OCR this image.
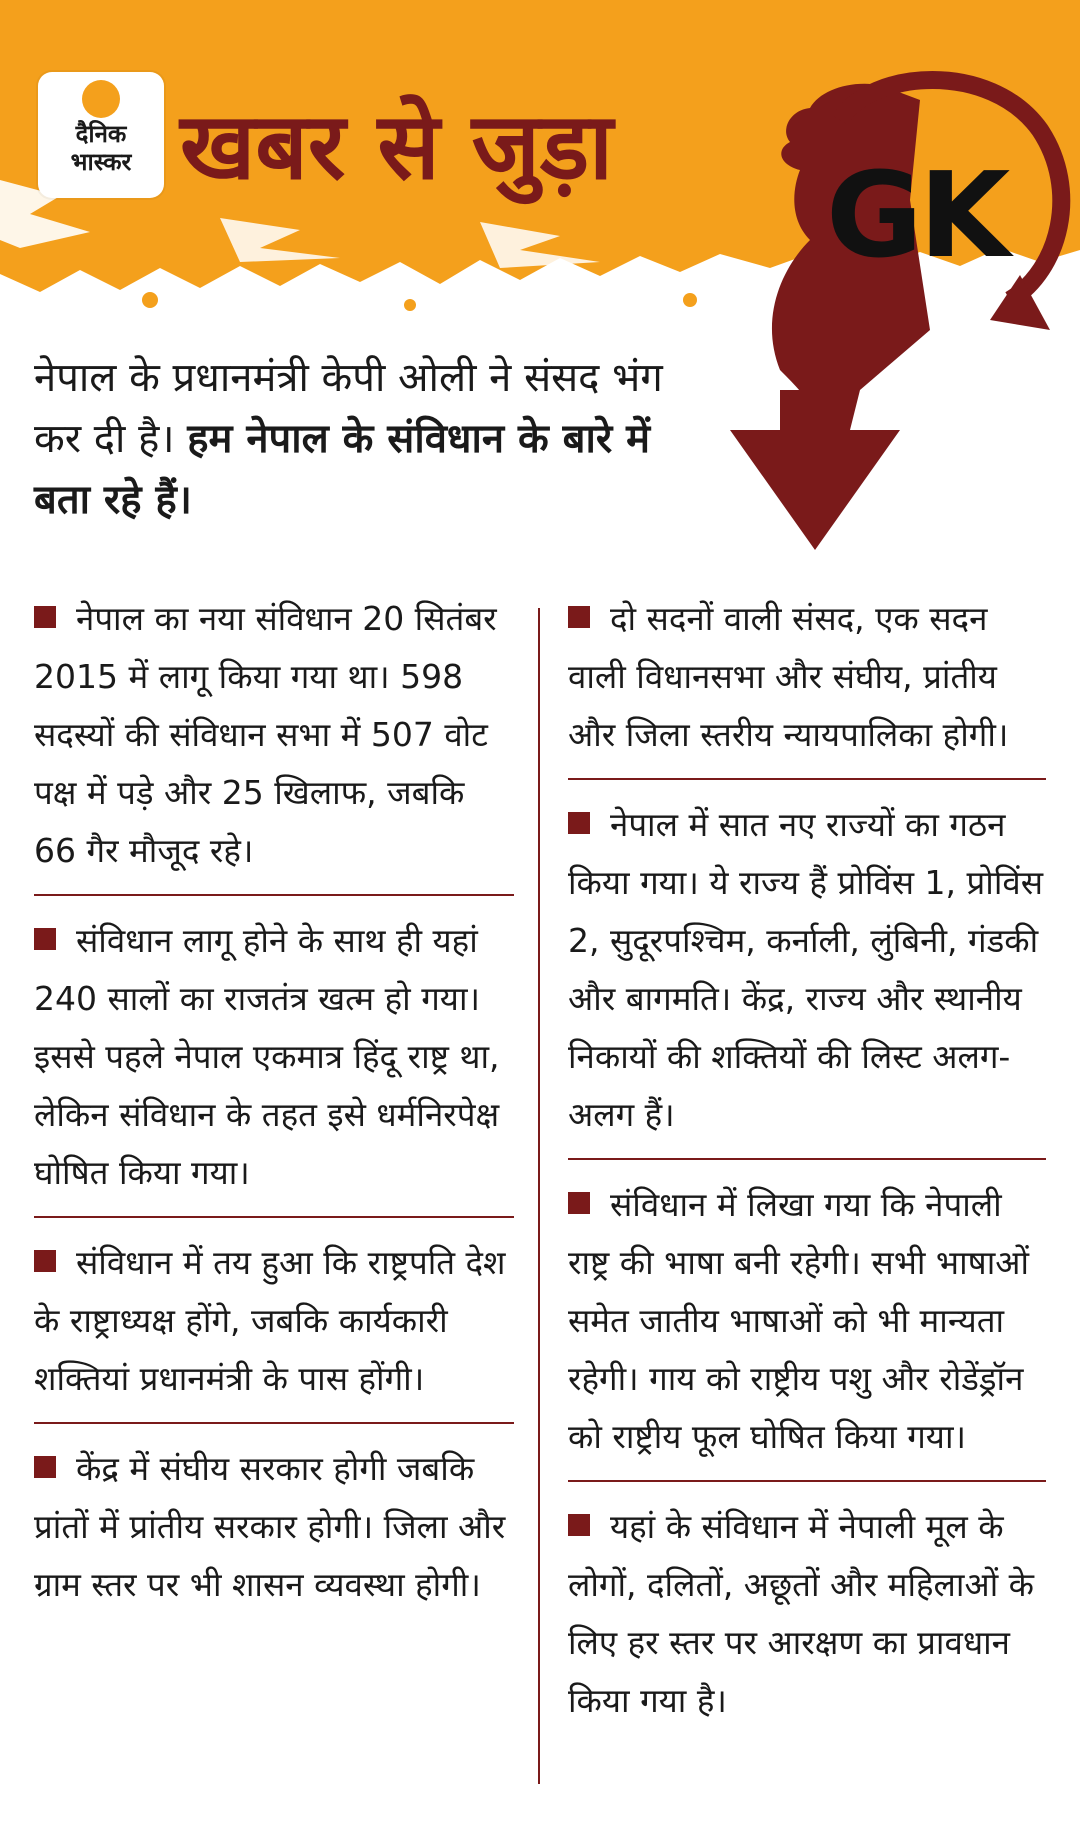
दैनिक
भास्कर खबर से जुड़ा GK
नेपाल के प्रधानमंत्री केपी ओली ने संसद भंग कर दी है। हम नेपाल के संविधान के बारे में बता रहे हैं।
नेपाल का नया संविधान 20 सितंबर 2015 में लागू किया गया था। 598 सदस्यों की संविधान सभा में 507 वोट पक्ष में पड़े और 25 खिलाफ, जबकि 66 गैर मौजूद रहे।
संविधान लागू होने के साथ ही यहां 240 सालों का राजतंत्र खत्म हो गया। इससे पहले नेपाल एकमात्र हिंदू राष्ट्र था, लेकिन संविधान के तहत इसे धर्मनिरपेक्ष घोषित किया गया।
संविधान में तय हुआ कि राष्ट्रपति देश के राष्ट्राध्यक्ष होंगे, जबकि कार्यकारी शक्तियां प्रधानमंत्री के पास होंगी।
केंद्र में संघीय सरकार होगी जबकि प्रांतों में प्रांतीय सरकार होगी। जिला और ग्राम स्तर पर भी शासन व्यवस्था होगी।
दो सदनों वाली संसद, एक सदन वाली विधानसभा और संघीय, प्रांतीय और जिला स्तरीय न्यायपालिका होगी।
नेपाल में सात नए राज्यों का गठन किया गया। ये राज्य हैं प्रोविंस 1, प्रोविंस 2, सुदूरपश्चिम, कर्नाली, लुंबिनी, गंडकी और बागमति। केंद्र, राज्य और स्थानीय निकायों की शक्तियों की लिस्ट अलग-अलग हैं।
संविधान में लिखा गया कि नेपाली राष्ट्र की भाषा बनी रहेगी। सभी भाषाओं समेत जातीय भाषाओं को भी मान्यता रहेगी। गाय को राष्ट्रीय पशु और रोडेंड्रॉन को राष्ट्रीय फूल घोषित किया गया।
यहां के संविधान में नेपाली मूल के लोगों, दलितों, अछूतों और महिलाओं के लिए हर स्तर पर आरक्षण का प्रावधान किया गया है।
